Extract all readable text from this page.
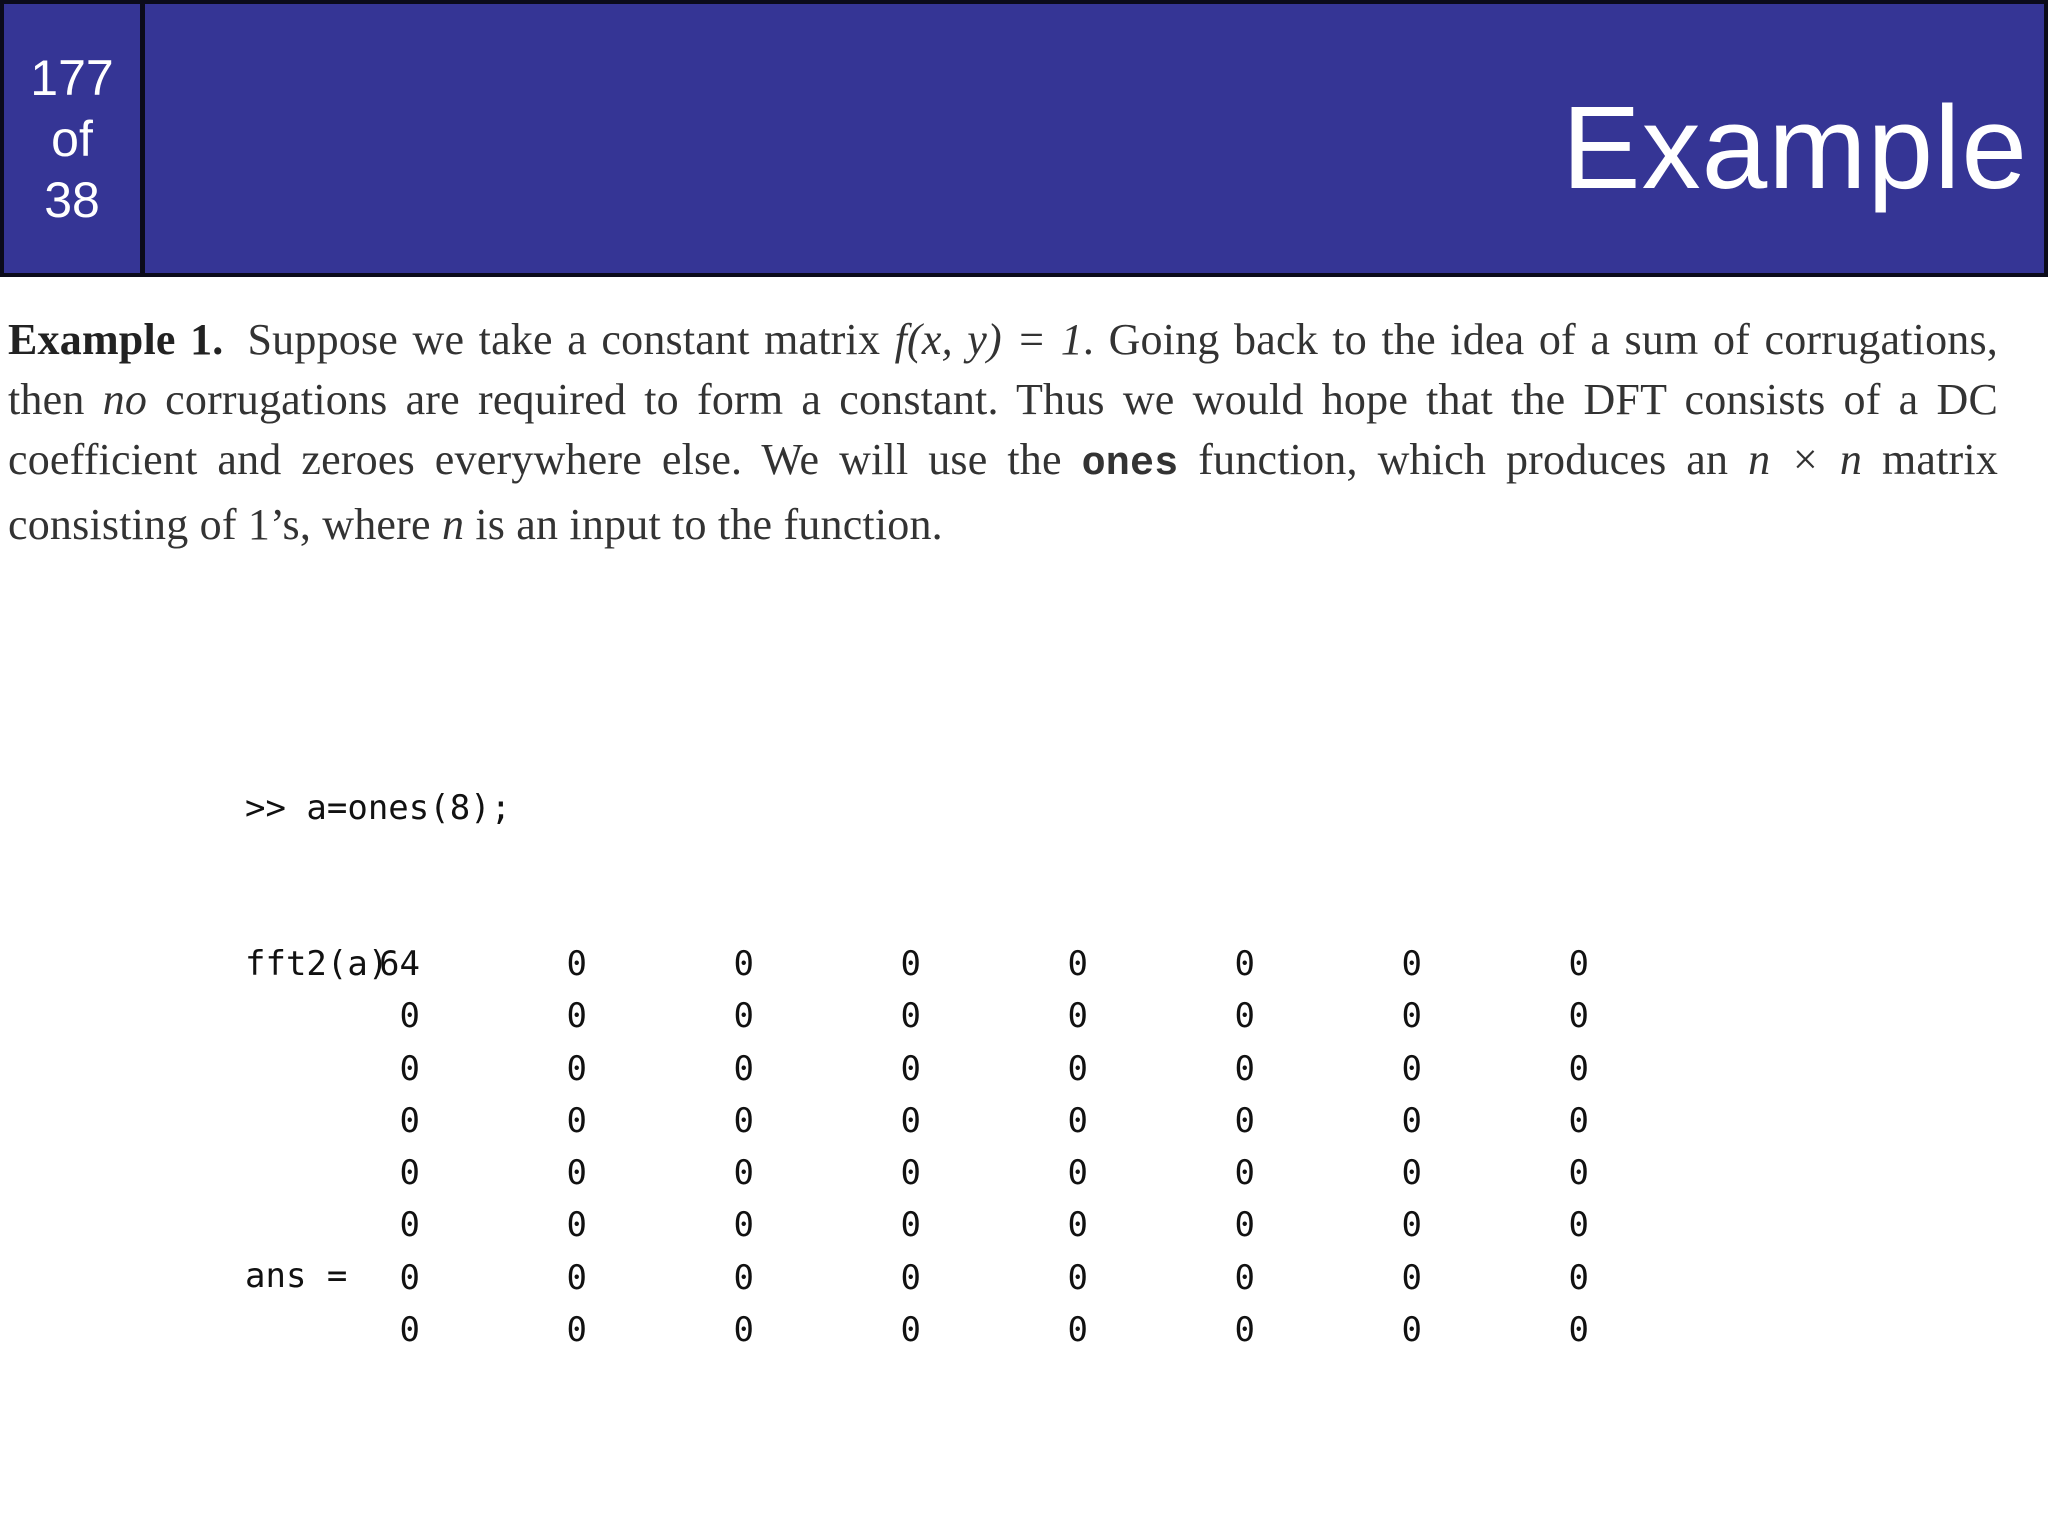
177
of
38	Example
Example 1. Suppose we take a constant matrix f(x, y) = 1. Going back to the idea of a sum of corrugations, then no corrugations are required to form a constant. Thus we would hope that the DFT consists of a DC coefficient and zeroes everywhere else. We will use the ones function, which produces an n × n matrix consisting of 1’s, where n is an input to the function.

>> a=ones(8);

fft2(a)

ans =

64	0	0	0	0	0	0	0
0	0	0	0	0	0	0	0
0	0	0	0	0	0	0	0
0	0	0	0	0	0	0	0
0	0	0	0	0	0	0	0
0	0	0	0	0	0	0	0
0	0	0	0	0	0	0	0
0	0	0	0	0	0	0	0
